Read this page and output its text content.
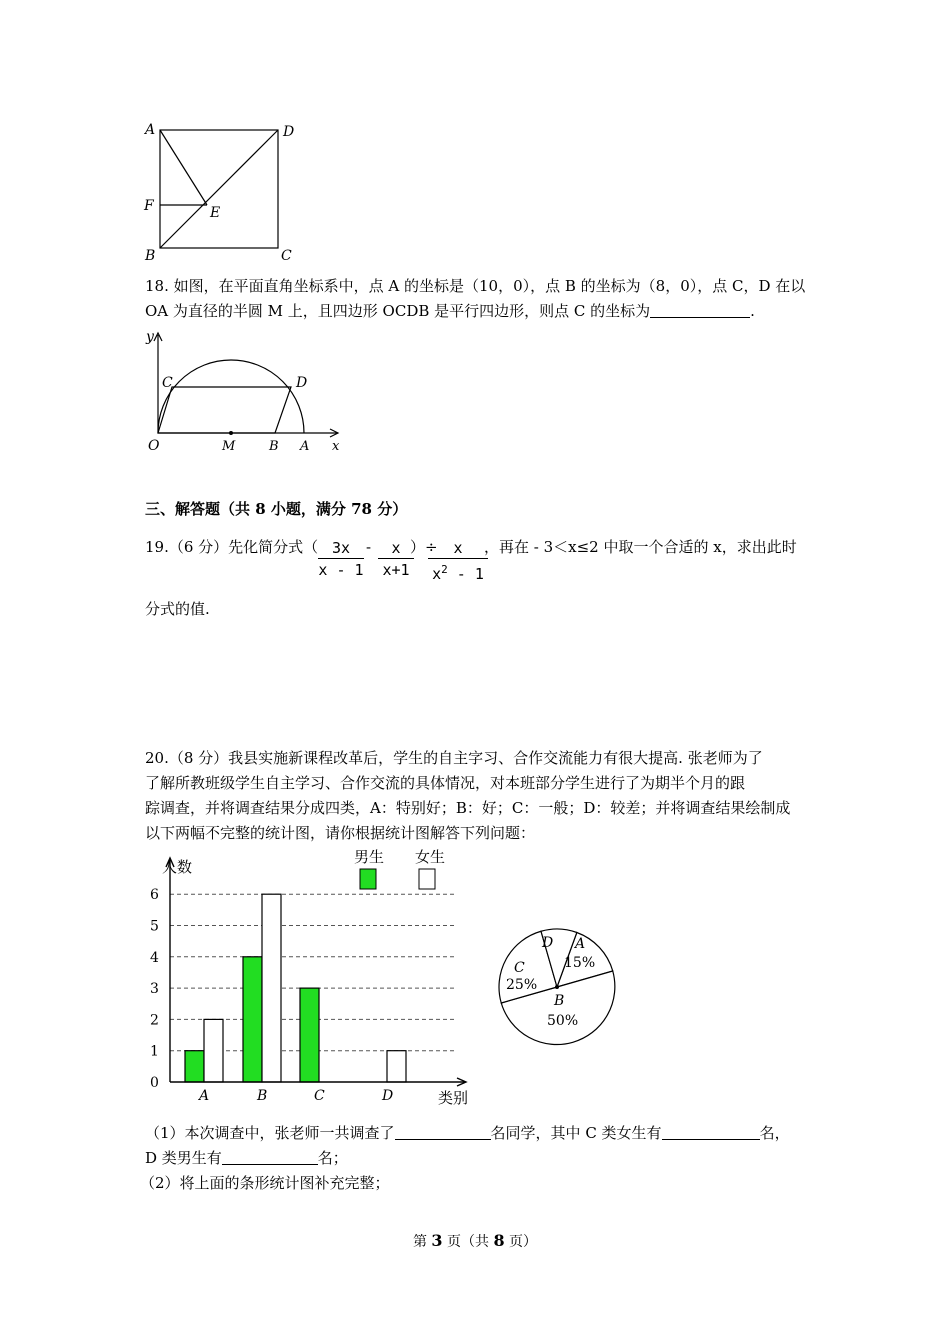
A	D
F	E
B	C
18. 如图，在平面直角坐标系中，点 A 的坐标是（10，0），点 B 的坐标为（8，0），点 C，D 在以
OA 为直径的半圆 M 上，且四边形 OCDB 是平行四边形，则点 C 的坐标为	.
y
C	D
O	M	B A x
三、解答题（共 8 小题，满分 78 分）
19.（6 分）先化简分式（ $\frac{3x}{x - 1} - \frac{x}{x+1}$
）÷
$\frac{x}{x^2 - 1}$
，再在 - 3＜x≤2 中取一个合适的 x，求出此时
分式的值.
20.（8 分）我县实施新课程改革后，学生的自主字习、合作交流能力有很大提高. 张老师为了
了解所教班级学生自主学习、合作交流的具体情况，对本班部分学生进行了为期半个月的跟
踪调查，并将调查结果分成四类，A：特别好；B：好；C：一般；D：较差；并将调查结果绘制成
以下两幅不完整的统计图，请你根据统计图解答下列问题：
0
1
2
3
4
5
6
A	B	C	D
人数
类别
男生 女生
A
15%
B
50%
C
25%
D
（1）本次调查中，张老师一共调查了	名同学，其中 C 类女生有	名，
D 类男生有	名；
（2）将上面的条形统计图补充完整；
第 3 页（共 8 页）
